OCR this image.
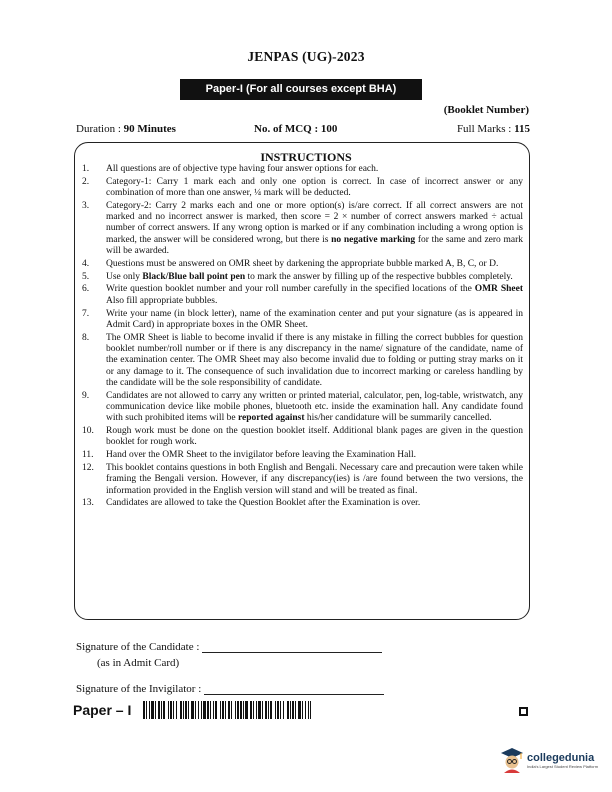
JENPAS (UG)-2023
Paper-I (For all courses except BHA)
(Booklet Number)
Duration : 90 Minutes	No. of MCQ : 100	Full Marks : 115
INSTRUCTIONS
1.	All questions are of objective type having four answer options for each.
2.	Category-1: Carry 1 mark each and only one option is correct. In case of incorrect answer or any combination of more than one answer, ¼ mark will be deducted.
3.	Category-2: Carry 2 marks each and one or more option(s) is/are correct. If all correct answers are not marked and no incorrect answer is marked, then score = 2 × number of correct answers marked ÷ actual number of correct answers. If any wrong option is marked or if any combination including a wrong option is marked, the answer will be considered wrong, but there is no negative marking for the same and zero mark will be awarded.
4.	Questions must be answered on OMR sheet by darkening the appropriate bubble marked A, B, C, or D.
5.	Use only Black/Blue ball point pen to mark the answer by filling up of the respective bubbles completely.
6.	Write question booklet number and your roll number carefully in the specified locations of the OMR Sheet Also fill appropriate bubbles.
7.	Write your name (in block letter), name of the examination center and put your signature (as is appeared in Admit Card) in appropriate boxes in the OMR Sheet.
8.	The OMR Sheet is liable to become invalid if there is any mistake in filling the correct bubbles for question booklet number/roll number or if there is any discrepancy in the name/ signature of the candidate, name of the examination center. The OMR Sheet may also become invalid due to folding or putting stray marks on it or any damage to it. The consequence of such invalidation due to incorrect marking or careless handling by the candidate will be the sole responsibility of candidate.
9.	Candidates are not allowed to carry any written or printed material, calculator, pen, log-table, wristwatch, any communication device like mobile phones, bluetooth etc. inside the examination hall. Any candidate found with such prohibited items will be reported against his/her candidature will be summarily cancelled.
10.	Rough work must be done on the question booklet itself. Additional blank pages are given in the question booklet for rough work.
11.	Hand over the OMR Sheet to the invigilator before leaving the Examination Hall.
12.	This booklet contains questions in both English and Bengali. Necessary care and precaution were taken while framing the Bengali version. However, if any discrepancy(ies) is /are found between the two versions, the information provided in the English version will stand and will be treated as final.
13.	Candidates are allowed to take the Question Booklet after the Examination is over.
Signature of the Candidate :
(as in Admit Card)
Signature of the Invigilator :
Paper – I
collegedunia
India's Largest Student Review Platform
